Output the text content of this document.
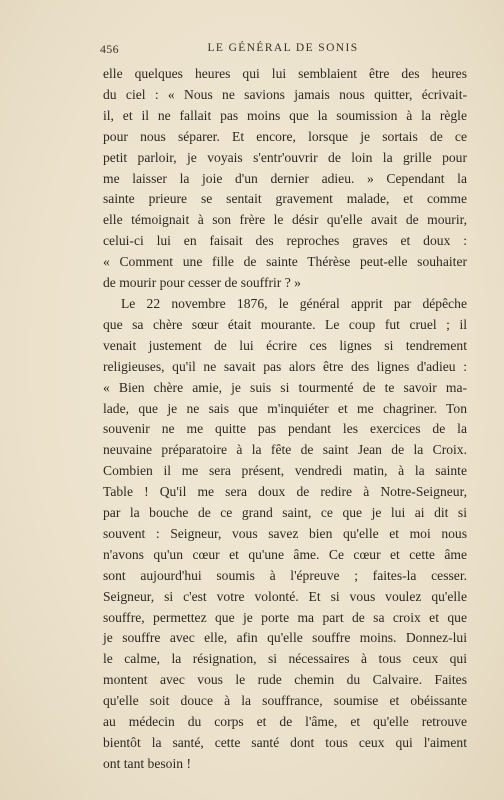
456	LE GÉNÉRAL DE SONIS
elle quelques heures qui lui semblaient être des heures
du ciel : « Nous ne savions jamais nous quitter, écrivait-
il, et il ne fallait pas moins que la soumission à la règle
pour nous séparer. Et encore, lorsque je sortais de ce
petit parloir, je voyais s'entr'ouvrir de loin la grille pour
me laisser la joie d'un dernier adieu. » Cependant la
sainte prieure se sentait gravement malade, et comme
elle témoignait à son frère le désir qu'elle avait de mourir,
celui-ci lui en faisait des reproches graves et doux :
« Comment une fille de sainte Thérèse peut-elle souhaiter
de mourir pour cesser de souffrir ? »
Le 22 novembre 1876, le général apprit par dépêche
que sa chère sœur était mourante. Le coup fut cruel ; il
venait justement de lui écrire ces lignes si tendrement
religieuses, qu'il ne savait pas alors être des lignes d'adieu :
« Bien chère amie, je suis si tourmenté de te savoir ma-
lade, que je ne sais que m'inquiéter et me chagriner. Ton
souvenir ne me quitte pas pendant les exercices de la
neuvaine préparatoire à la fête de saint Jean de la Croix.
Combien il me sera présent, vendredi matin, à la sainte
Table ! Qu'il me sera doux de redire à Notre-Seigneur,
par la bouche de ce grand saint, ce que je lui ai dit si
souvent : Seigneur, vous savez bien qu'elle et moi nous
n'avons qu'un cœur et qu'une âme. Ce cœur et cette âme
sont aujourd'hui soumis à l'épreuve ; faites-la cesser.
Seigneur, si c'est votre volonté. Et si vous voulez qu'elle
souffre, permettez que je porte ma part de sa croix et que
je souffre avec elle, afin qu'elle souffre moins. Donnez-lui
le calme, la résignation, si nécessaires à tous ceux qui
montent avec vous le rude chemin du Calvaire. Faites
qu'elle soit douce à la souffrance, soumise et obéissante
au médecin du corps et de l'âme, et qu'elle retrouve
bientôt la santé, cette santé dont tous ceux qui l'aiment
ont tant besoin !
